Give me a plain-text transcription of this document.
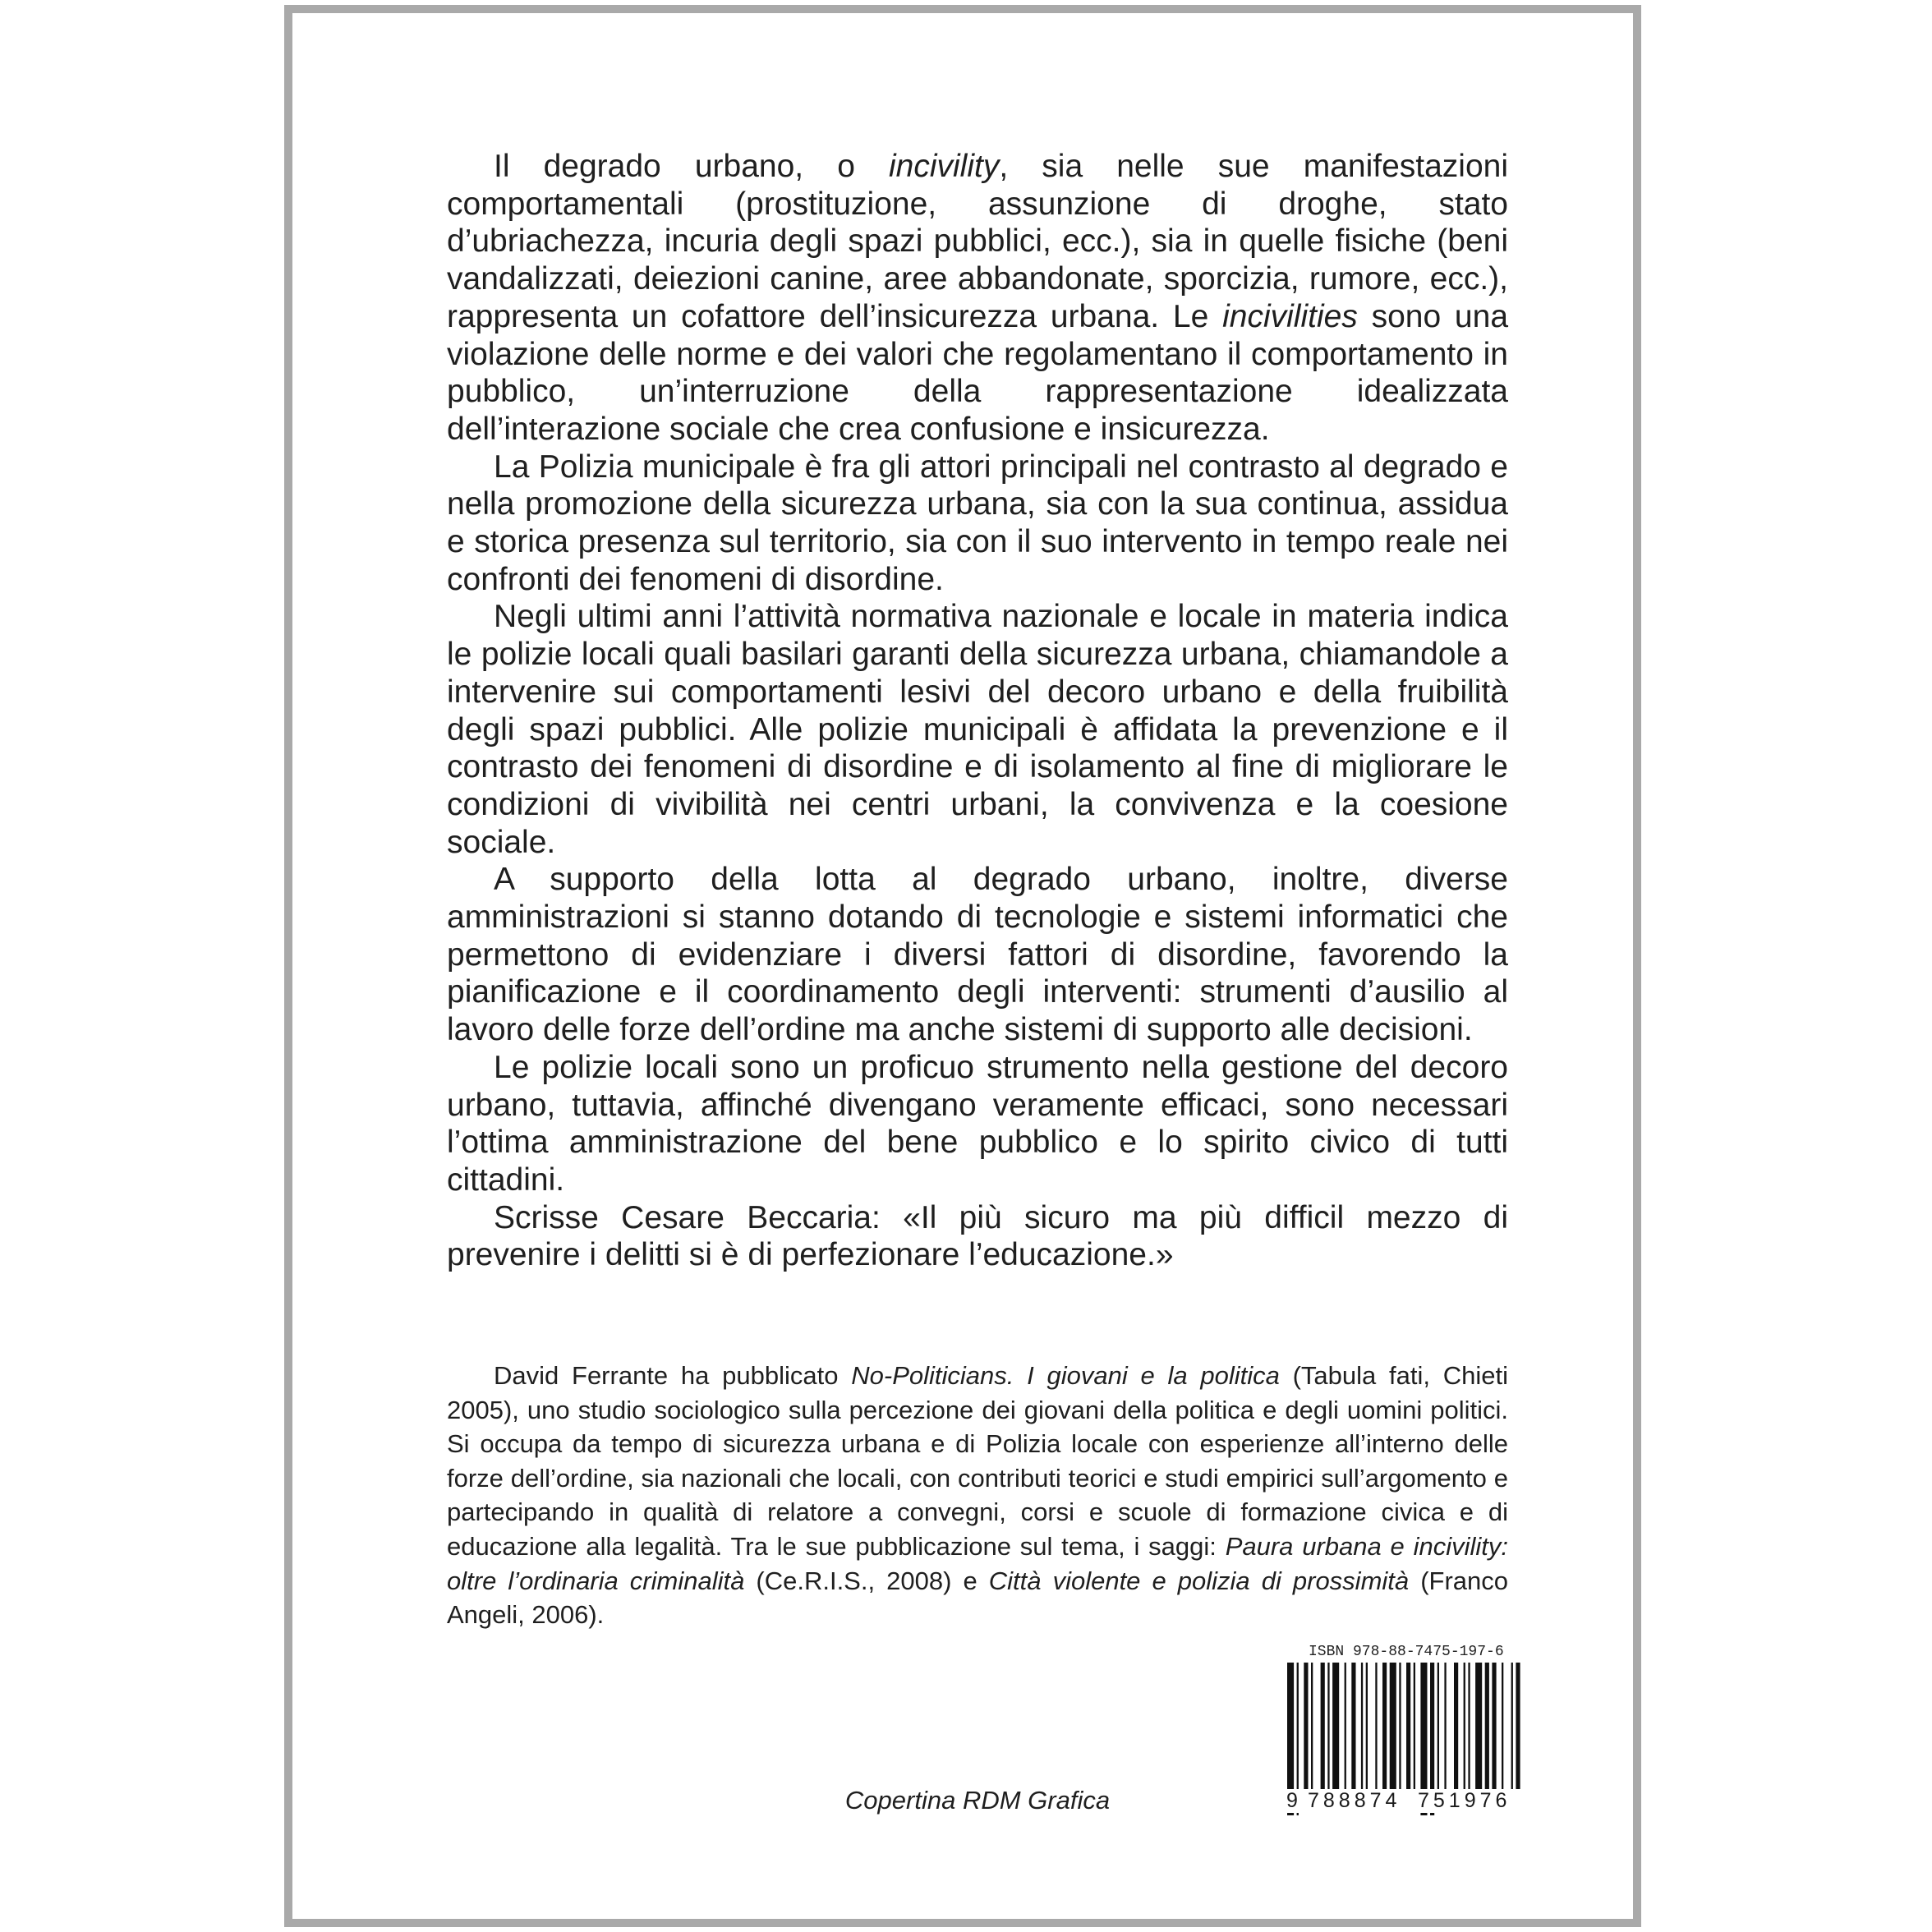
Il degrado urbano, o incivility, sia nelle sue manifestazioni comportamentali (prostituzione, assunzione di droghe, stato d’ubriachezza, incuria degli spazi pubblici, ecc.), sia in quelle fisiche (beni vandalizzati, deiezioni canine, aree abbandonate, sporcizia, rumore, ecc.), rappresenta un cofattore dell’insicurezza urbana. Le incivilities sono una violazione delle norme e dei valori che regolamentano il comportamento in pubblico, un’interruzione della rappresentazione idealizzata dell’interazione sociale che crea confusione e insicurezza.

La Polizia municipale è fra gli attori principali nel contrasto al degrado e nella promozione della sicurezza urbana, sia con la sua continua, assidua e storica presenza sul territorio, sia con il suo intervento in tempo reale nei confronti dei fenomeni di disordine.

Negli ultimi anni l’attività normativa nazionale e locale in materia indica le polizie locali quali basilari garanti della sicurezza urbana, chiamandole a intervenire sui comportamenti lesivi del decoro urbano e della fruibilità degli spazi pubblici. Alle polizie municipali è affidata la prevenzione e il contrasto dei fenomeni di disordine e di isolamento al fine di migliorare le condizioni di vivibilità nei centri urbani, la convivenza e la coesione sociale.

A supporto della lotta al degrado urbano, inoltre, diverse amministrazioni si stanno dotando di tecnologie e sistemi informatici che permettono di evidenziare i diversi fattori di disordine, favorendo la pianificazione e il coordinamento degli interventi: strumenti d’ausilio al lavoro delle forze dell’ordine ma anche sistemi di supporto alle decisioni.

Le polizie locali sono un proficuo strumento nella gestione del decoro urbano, tuttavia, affinché divengano veramente efficaci, sono necessari l’ottima amministrazione del bene pubblico e lo spirito civico di tutti cittadini.

Scrisse Cesare Beccaria: «Il più sicuro ma più difficil mezzo di prevenire i delitti si è di perfezionare l’educazione.»

David Ferrante ha pubblicato No-Politicians. I giovani e la politica (Tabula fati, Chieti 2005), uno studio sociologico sulla percezione dei giovani della politica e degli uomini politici. Si occupa da tempo di sicurezza urbana e di Polizia locale con esperienze all’interno delle forze dell’ordine, sia nazionali che locali, con contributi teorici e studi empirici sull’argomento e partecipando in qualità di relatore a convegni, corsi e scuole di formazione civica e di educazione alla legalità. Tra le sue pubblicazione sul tema, i saggi: Paura urbana e incivility: oltre l’ordinaria criminalità (Ce.R.I.S., 2008) e Città violente e polizia di prossimità (Franco Angeli, 2006).

Copertina RDM Grafica
ISBN 978-88-7475-197-6
9 788874 751976
